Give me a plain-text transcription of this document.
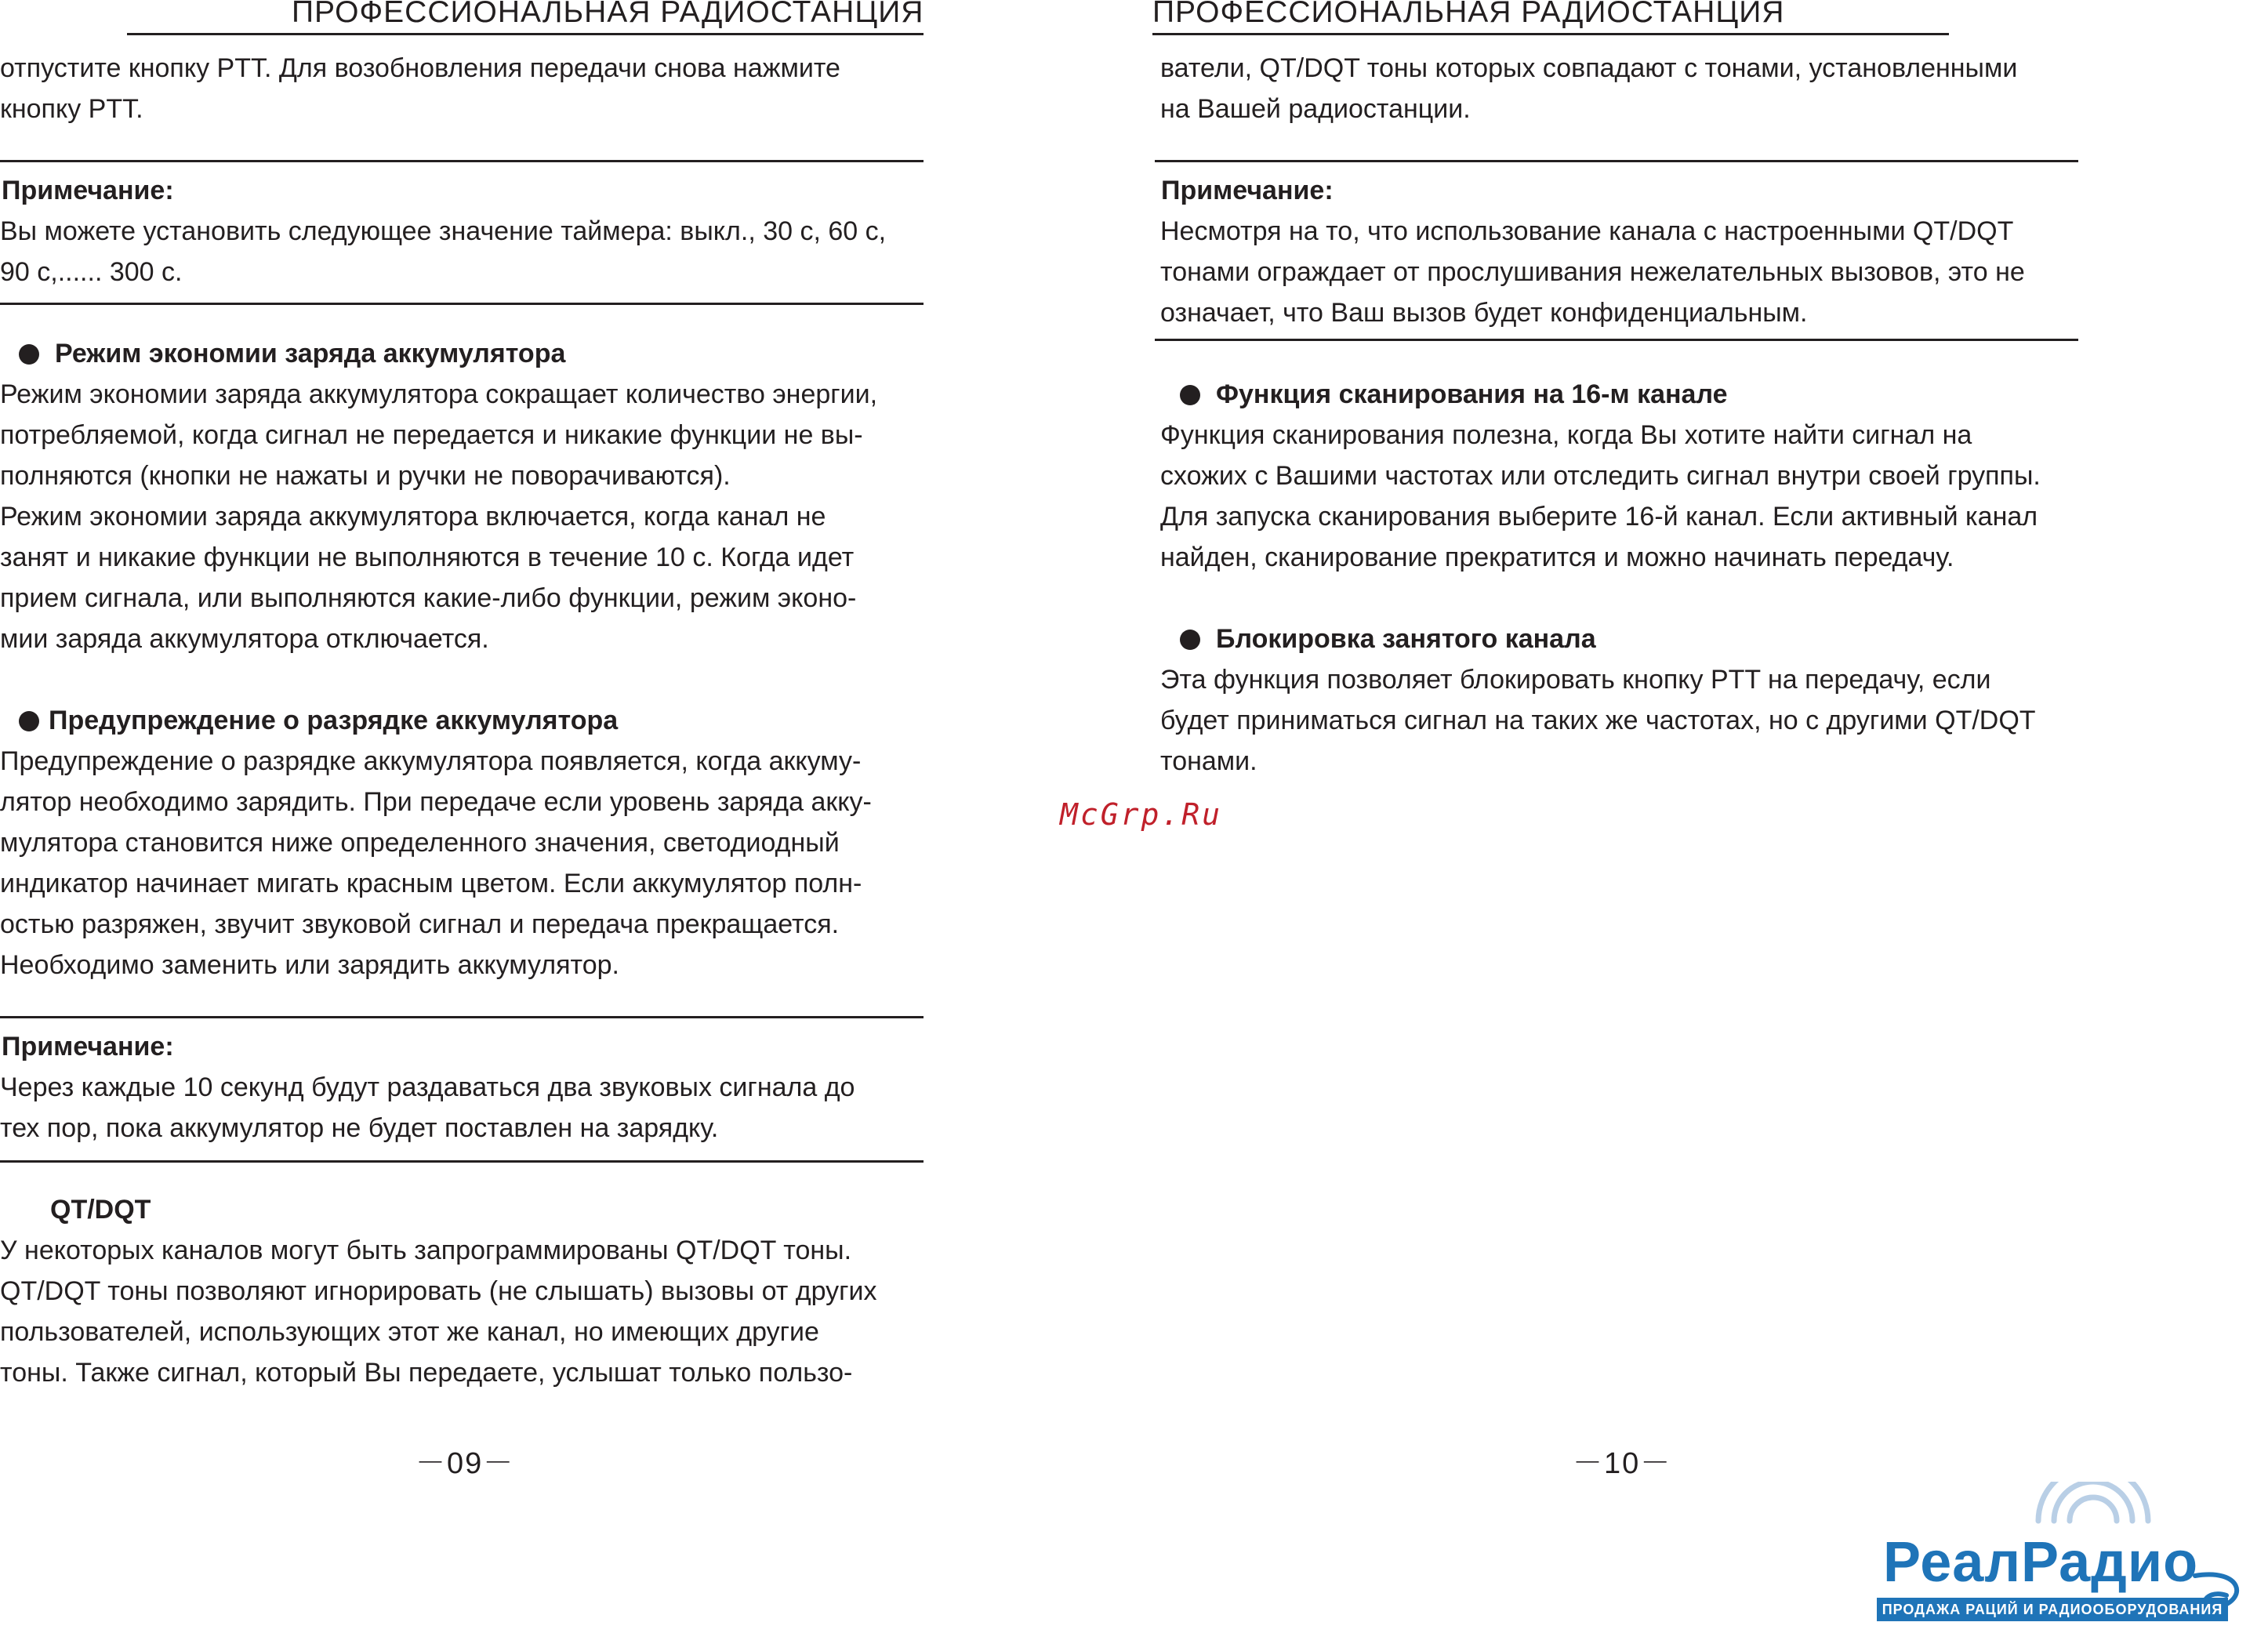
ПРОФЕССИОНАЛЬНАЯ РАДИОСТАНЦИЯ
отпустите кнопку PTT. Для возобновления передачи снова нажмите
кнопку PTT.
Примечание:
Вы можете установить следующее значение таймера: выкл., 30 с, 60 с,
90 с,...... 300 с.
Режим экономии заряда аккумулятора
Режим экономии заряда аккумулятора сокращает количество энергии,
потребляемой, когда сигнал не передается и никакие функции не вы-
полняются (кнопки не нажаты и ручки не поворачиваются).
Режим экономии заряда аккумулятора включается, когда канал не
занят и никакие функции не выполняются в течение 10 с. Когда идет
прием сигнала, или выполняются какие-либо функции, режим эконо-
мии заряда аккумулятора отключается.
Предупреждение о разрядке аккумулятора
Предупреждение о разрядке аккумулятора появляется, когда аккуму-
лятор необходимо зарядить. При передаче если уровень заряда акку-
мулятора становится ниже определенного значения, светодиодный
индикатор начинает мигать красным цветом. Если аккумулятор полн-
остью разряжен, звучит звуковой сигнал и передача прекращается.
Необходимо заменить или зарядить аккумулятор.
Примечание:
Через каждые 10 секунд будут раздаваться два звуковых сигнала до
тех пор, пока аккумулятор не будет поставлен на зарядку.
QT/DQT
У некоторых каналов могут быть запрограммированы QT/DQT тоны.
QT/DQT тоны позволяют игнорировать (не слышать) вызовы от других
пользователей, использующих этот же канал, но имеющих другие
тоны. Также сигнал, который Вы передаете, услышат только пользо-
－09－
ПРОФЕССИОНАЛЬНАЯ РАДИОСТАНЦИЯ
ватели, QT/DQT тоны которых совпадают с тонами, установленными
на Вашей радиостанции.
Примечание:
Несмотря на то, что использование канала с настроенными QT/DQT
тонами ограждает от прослушивания нежелательных вызовов, это не
означает, что Ваш вызов будет конфиденциальным.
Функция сканирования на 16-м канале
Функция сканирования полезна, когда Вы хотите найти сигнал на
схожих с Вашими частотах или отследить сигнал внутри своей группы.
Для запуска сканирования выберите 16-й канал. Если активный канал
найден, сканирование прекратится и можно начинать передачу.
Блокировка занятого канала
Эта функция позволяет блокировать кнопку PTT на передачу, если
будет приниматься сигнал на таких же частотах, но с другими QT/DQT
тонами.
－10－
McGrp.Ru
РеалРадио
ПРОДАЖА РАЦИЙ И РАДИООБОРУДОВАНИЯ
